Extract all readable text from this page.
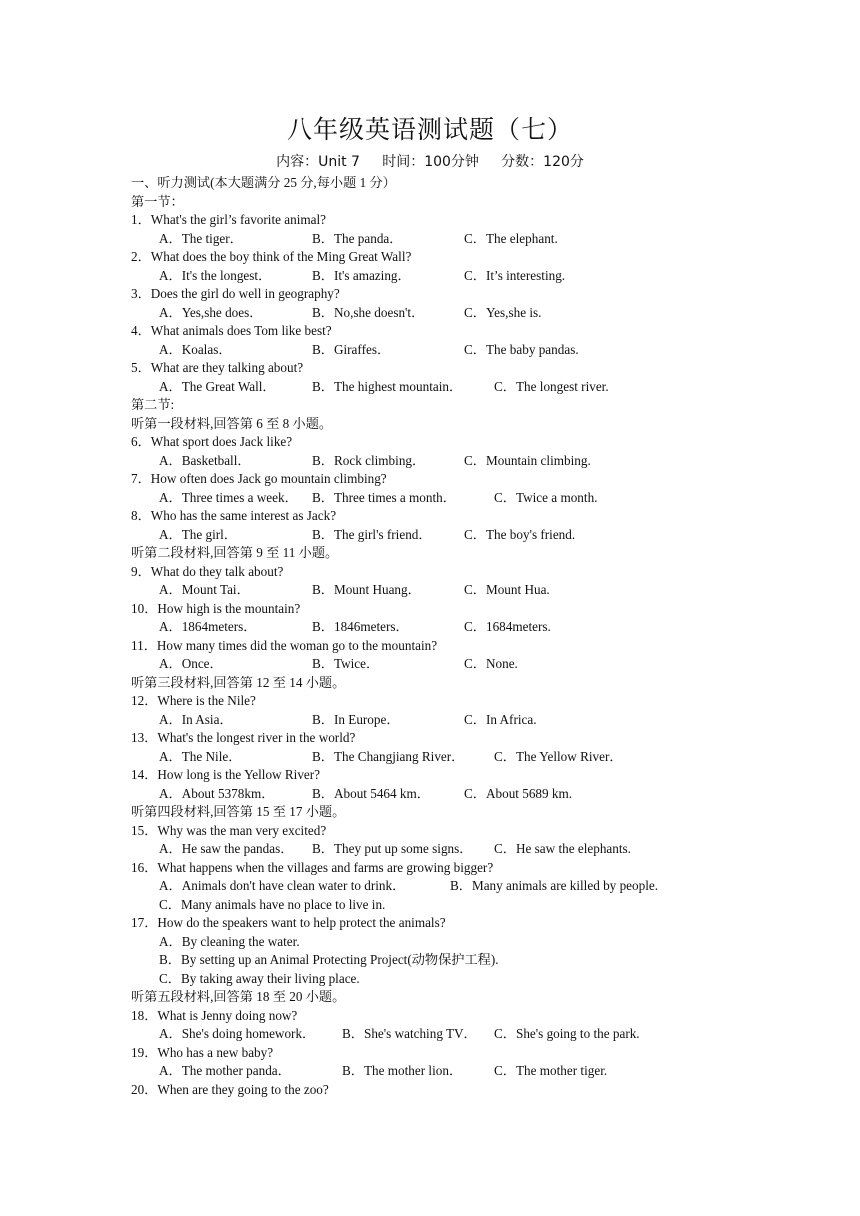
八年级英语测试题（七）
内容：Unit 7     时间：100分钟     分数：120分
一、听力测试(本大题满分 25 分,每小题 1 分）
第一节：
1．What's the girl’s favorite animal?
A．The tiger．	B．The panda．	C．The elephant.
2．What does the boy think of the Ming Great Wall?
A．It's the longest．	B．It's amazing．	C．It’s interesting.
3．Does the girl do well in geography?
A．Yes,she does．	B．No,she doesn't．	C．Yes,she is.
4．What animals does Tom like best?
A．Koalas．	B．Giraffes．	C．The baby pandas.
5．What are they talking about?
A．The Great Wall．	B．The highest mountain． C．The longest river.
第二节:
听第一段材料,回答第 6 至 8 小题。
6．What sport does Jack like?
A．Basketball．	B．Rock climbing．	C．Mountain climbing.
7．How often does Jack go mountain climbing?
A．Three times a week． B．Three times a month．	C．Twice a month.
8．Who has the same interest as Jack?
A．The girl．	B．The girl's friend． C．The boy's friend.
听第二段材料,回答第 9 至 11 小题。
9．What do they talk about?
A．Mount Tai．	B．Mount Huang．	C．Mount Hua.
10．How high is the mountain?
A．1864meters．	B．1846meters．	C．1684meters.
11．How many times did the woman go to the mountain?
A．Once．	B．Twice．	C．None.
听第三段材料,回答第 12 至 14 小题。
12．Where is the Nile?
A．In Asia．	B．In Europe．	C．In Africa.
13．What's the longest river in the world?
A．The Nile．	B．The Changjiang River． C．The Yellow River．
14．How long is the Yellow River?
A．About 5378km．	B．About 5464 km．	C．About 5689 km.
听第四段材料,回答第 15 至 17 小题。
15．Why was the man very excited?
A．He saw the pandas． B．They put up some signs． C．He saw the elephants.
16．What happens when the villages and farms are growing bigger?
A．Animals don't have clean water to drink．	B．Many animals are killed by people.
C．Many animals have no place to live in.
17．How do the speakers want to help protect the animals?
A．By cleaning the water.
B．By setting up an Animal Protecting Project(动物保护工程).
C．By taking away their living place.
听第五段材料,回答第 18 至 20 小题。
18．What is Jenny doing now?
A．She's doing homework． B．She's watching TV． C．She's going to the park.
19．Who has a new baby?
A．The mother panda．	B．The mother lion． C．The mother tiger.
20．When are they going to the zoo?
